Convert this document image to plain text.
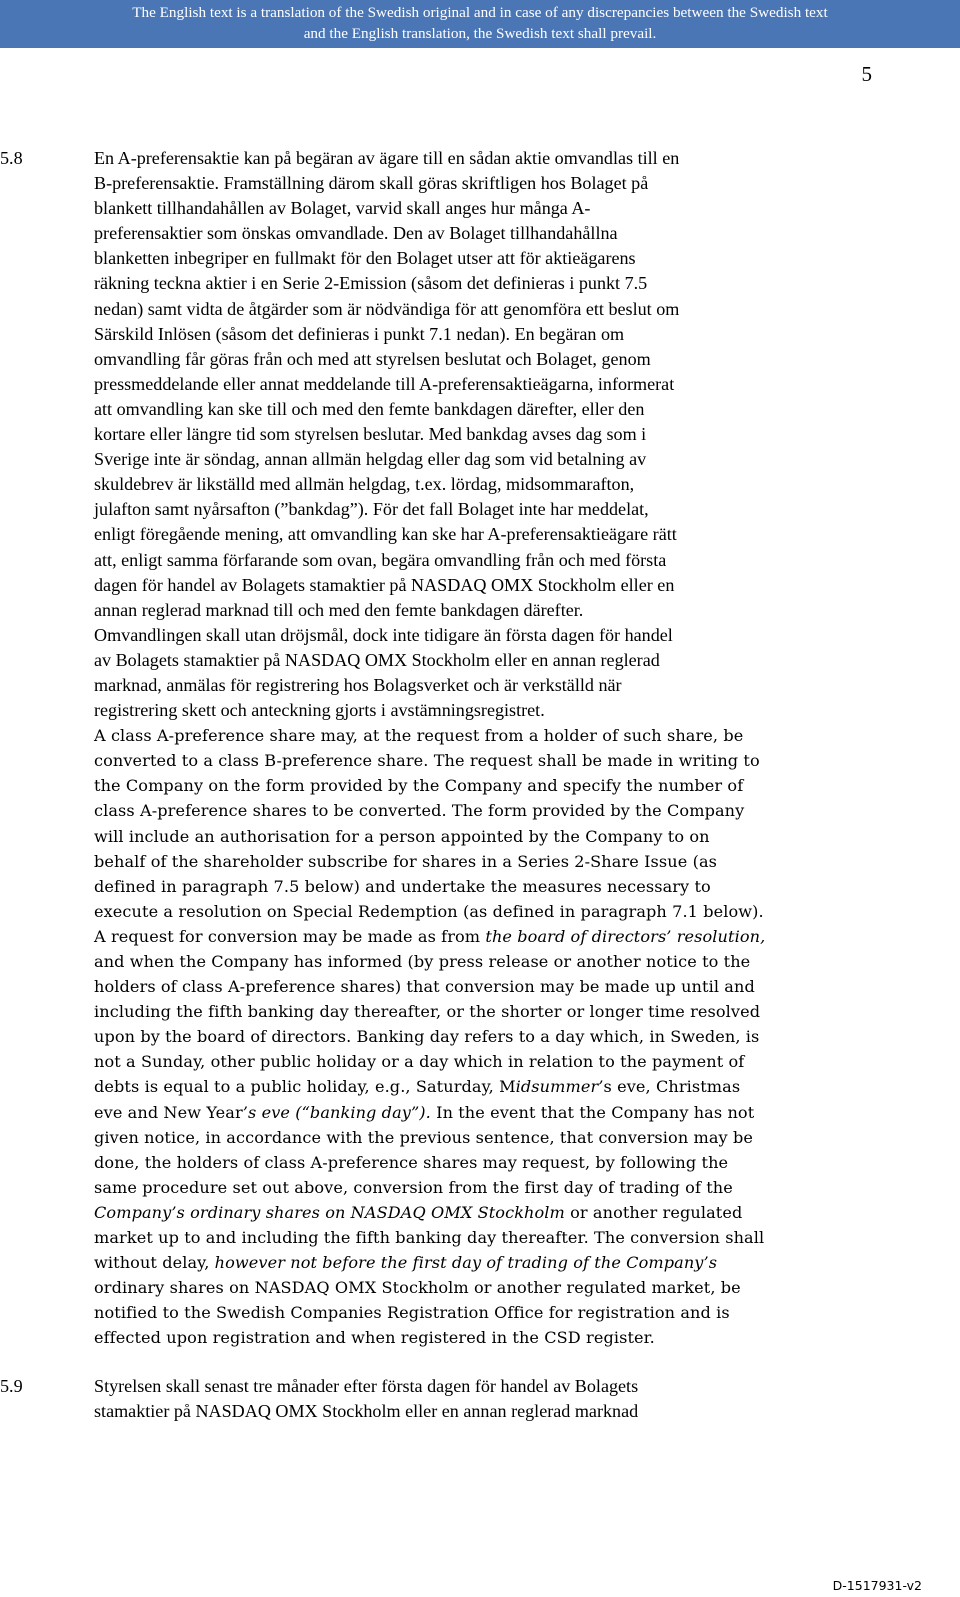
The English text is a translation of the Swedish original and in case of any discrepancies between the Swedish text
and the English translation, the Swedish text shall prevail.
5
5.8	En A-preferensaktie kan på begäran av ägare till en sådan aktie omvandlas till en
B-preferensaktie. Framställning därom skall göras skriftligen hos Bolaget på
blankett tillhandahållen av Bolaget, varvid skall anges hur många A-
preferensaktier som önskas omvandlade. Den av Bolaget tillhandahållna
blanketten inbegriper en fullmakt för den Bolaget utser att för aktieägarens
räkning teckna aktier i en Serie 2-Emission (såsom det definieras i punkt 7.5
nedan) samt vidta de åtgärder som är nödvändiga för att genomföra ett beslut om
Särskild Inlösen (såsom det definieras i punkt 7.1 nedan). En begäran om
omvandling får göras från och med att styrelsen beslutat och Bolaget, genom
pressmeddelande eller annat meddelande till A-preferensaktieägarna, informerat
att omvandling kan ske till och med den femte bankdagen därefter, eller den
kortare eller längre tid som styrelsen beslutar. Med bankdag avses dag som i
Sverige inte är söndag, annan allmän helgdag eller dag som vid betalning av
skuldebrev är likställd med allmän helgdag, t.ex. lördag, midsommarafton,
julafton samt nyårsafton (”bankdag”). För det fall Bolaget inte har meddelat,
enligt föregående mening, att omvandling kan ske har A-preferensaktieägare rätt
att, enligt samma förfarande som ovan, begära omvandling från och med första
dagen för handel av Bolagets stamaktier på NASDAQ OMX Stockholm eller en
annan reglerad marknad till och med den femte bankdagen därefter.
Omvandlingen skall utan dröjsmål, dock inte tidigare än första dagen för handel
av Bolagets stamaktier på NASDAQ OMX Stockholm eller en annan reglerad
marknad, anmälas för registrering hos Bolagsverket och är verkställd när
registrering skett och anteckning gjorts i avstämningsregistret.
A class A-preference share may, at the request from a holder of such share, be
converted to a class B-preference share. The request shall be made in writing to
the Company on the form provided by the Company and specify the number of
class A-preference shares to be converted. The form provided by the Company
will include an authorisation for a person appointed by the Company to on
behalf of the shareholder subscribe for shares in a Series 2-Share Issue (as
defined in paragraph 7.5 below) and undertake the measures necessary to
execute a resolution on Special Redemption (as defined in paragraph 7.1 below).
A request for conversion may be made as from the board of directors’ resolution,
and when the Company has informed (by press release or another notice to the
holders of class A-preference shares) that conversion may be made up until and
including the fifth banking day thereafter, or the shorter or longer time resolved
upon by the board of directors. Banking day refers to a day which, in Sweden, is
not a Sunday, other public holiday or a day which in relation to the payment of
debts is equal to a public holiday, e.g., Saturday, Midsummer’s eve, Christmas
eve and New Year’s eve (“banking day”). In the event that the Company has not
given notice, in accordance with the previous sentence, that conversion may be
done, the holders of class A-preference shares may request, by following the
same procedure set out above, conversion from the first day of trading of the
Company’s ordinary shares on NASDAQ OMX Stockholm or another regulated
market up to and including the fifth banking day thereafter. The conversion shall
without delay, however not before the first day of trading of the Company’s
ordinary shares on NASDAQ OMX Stockholm or another regulated market, be
notified to the Swedish Companies Registration Office for registration and is
effected upon registration and when registered in the CSD register.
5.9	Styrelsen skall senast tre månader efter första dagen för handel av Bolagets
stamaktier på NASDAQ OMX Stockholm eller en annan reglerad marknad
D-1517931-v2
